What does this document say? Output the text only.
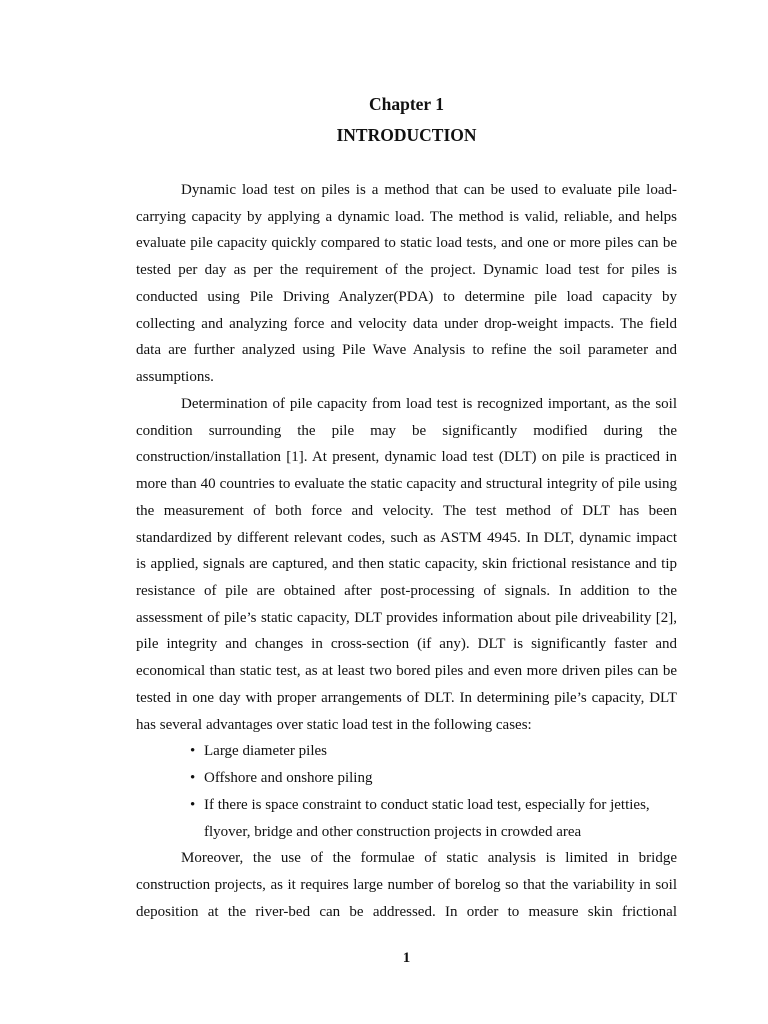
Chapter 1
INTRODUCTION
Dynamic load test on piles is a method that can be used to evaluate pile load-
carrying capacity by applying a dynamic load. The method is valid, reliable, and helps
evaluate pile capacity quickly compared to static load tests, and one or more piles can be
tested per day as per the requirement of the project. Dynamic load test for piles is
conducted using Pile Driving Analyzer(PDA) to determine pile load capacity by
collecting and analyzing force and velocity data under drop-weight impacts. The field
data are further analyzed using Pile Wave Analysis to refine the soil parameter and
assumptions.
Determination of pile capacity from load test is recognized important, as the soil
condition surrounding the pile may be significantly modified during the
construction/installation [1]. At present, dynamic load test (DLT) on pile is practiced in
more than 40 countries to evaluate the static capacity and structural integrity of pile using
the measurement of both force and velocity. The test method of DLT has been
standardized by different relevant codes, such as ASTM 4945. In DLT, dynamic impact
is applied, signals are captured, and then static capacity, skin frictional resistance and tip
resistance of pile are obtained after post-processing of signals. In addition to the
assessment of pile’s static capacity, DLT provides information about pile driveability [2],
pile integrity and changes in cross-section (if any). DLT is significantly faster and
economical than static test, as at least two bored piles and even more driven piles can be
tested in one day with proper arrangements of DLT. In determining pile’s capacity, DLT
has several advantages over static load test in the following cases:
• Large diameter piles
• Offshore and onshore piling
• If there is space constraint to conduct static load test, especially for jetties,
flyover, bridge and other construction projects in crowded area
Moreover, the use of the formulae of static analysis is limited in bridge
construction projects, as it requires large number of borelog so that the variability in soil
deposition at the river-bed can be addressed. In order to measure skin frictional
1
